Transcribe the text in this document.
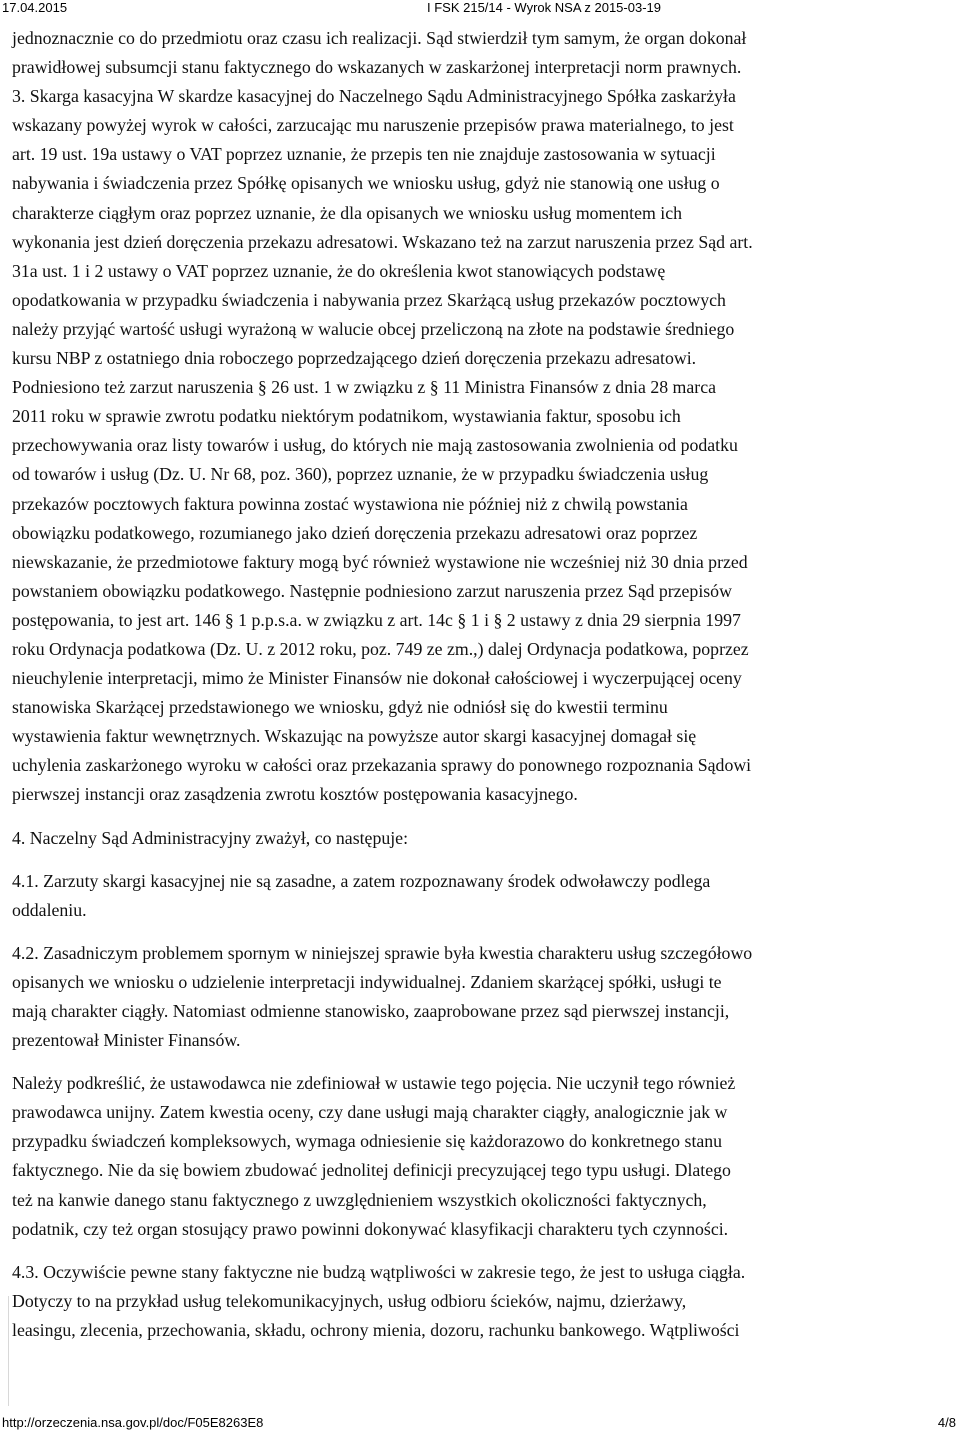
17.04.2015	I FSK 215/14 - Wyrok NSA z 2015-03-19

jednoznacznie co do przedmiotu oraz czasu ich realizacji. Sąd stwierdził tym samym, że organ dokonał
prawidłowej subsumcji stanu faktycznego do wskazanych w zaskarżonej interpretacji norm prawnych.
3. Skarga kasacyjna W skardze kasacyjnej do Naczelnego Sądu Administracyjnego Spółka zaskarżyła
wskazany powyżej wyrok w całości, zarzucając mu naruszenie przepisów prawa materialnego, to jest
art. 19 ust. 19a ustawy o VAT poprzez uznanie, że przepis ten nie znajduje zastosowania w sytuacji
nabywania i świadczenia przez Spółkę opisanych we wniosku usług, gdyż nie stanowią one usług o
charakterze ciągłym oraz poprzez uznanie, że dla opisanych we wniosku usług momentem ich
wykonania jest dzień doręczenia przekazu adresatowi. Wskazano też na zarzut naruszenia przez Sąd art.
31a ust. 1 i 2 ustawy o VAT poprzez uznanie, że do określenia kwot stanowiących podstawę
opodatkowania w przypadku świadczenia i nabywania przez Skarżącą usług przekazów pocztowych
należy przyjąć wartość usługi wyrażoną w walucie obcej przeliczoną na złote na podstawie średniego
kursu NBP z ostatniego dnia roboczego poprzedzającego dzień doręczenia przekazu adresatowi.
Podniesiono też zarzut naruszenia § 26 ust. 1 w związku z § 11 Ministra Finansów z dnia 28 marca
2011 roku w sprawie zwrotu podatku niektórym podatnikom, wystawiania faktur, sposobu ich
przechowywania oraz listy towarów i usług, do których nie mają zastosowania zwolnienia od podatku
od towarów i usług (Dz. U. Nr 68, poz. 360), poprzez uznanie, że w przypadku świadczenia usług
przekazów pocztowych faktura powinna zostać wystawiona nie później niż z chwilą powstania
obowiązku podatkowego, rozumianego jako dzień doręczenia przekazu adresatowi oraz poprzez
niewskazanie, że przedmiotowe faktury mogą być również wystawione nie wcześniej niż 30 dnia przed
powstaniem obowiązku podatkowego. Następnie podniesiono zarzut naruszenia przez Sąd przepisów
postępowania, to jest art. 146 § 1 p.p.s.a. w związku z art. 14c § 1 i § 2 ustawy z dnia 29 sierpnia 1997
roku Ordynacja podatkowa (Dz. U. z 2012 roku, poz. 749 ze zm.,) dalej Ordynacja podatkowa, poprzez
nieuchylenie interpretacji, mimo że Minister Finansów nie dokonał całościowej i wyczerpującej oceny
stanowiska Skarżącej przedstawionego we wniosku, gdyż nie odniósł się do kwestii terminu
wystawienia faktur wewnętrznych. Wskazując na powyższe autor skargi kasacyjnej domagał się
uchylenia zaskarżonego wyroku w całości oraz przekazania sprawy do ponownego rozpoznania Sądowi
pierwszej instancji oraz zasądzenia zwrotu kosztów postępowania kasacyjnego.

4. Naczelny Sąd Administracyjny zważył, co następuje:

4.1. Zarzuty skargi kasacyjnej nie są zasadne, a zatem rozpoznawany środek odwoławczy podlega
oddaleniu.

4.2. Zasadniczym problemem spornym w niniejszej sprawie była kwestia charakteru usług szczegółowo
opisanych we wniosku o udzielenie interpretacji indywidualnej. Zdaniem skarżącej spółki, usługi te
mają charakter ciągły. Natomiast odmienne stanowisko, zaaprobowane przez sąd pierwszej instancji,
prezentował Minister Finansów.

Należy podkreślić, że ustawodawca nie zdefiniował w ustawie tego pojęcia. Nie uczynił tego również
prawodawca unijny. Zatem kwestia oceny, czy dane usługi mają charakter ciągły, analogicznie jak w
przypadku świadczeń kompleksowych, wymaga odniesienie się każdorazowo do konkretnego stanu
faktycznego. Nie da się bowiem zbudować jednolitej definicji precyzującej tego typu usługi. Dlatego
też na kanwie danego stanu faktycznego z uwzględnieniem wszystkich okoliczności faktycznych,
podatnik, czy też organ stosujący prawo powinni dokonywać klasyfikacji charakteru tych czynności.

4.3. Oczywiście pewne stany faktyczne nie budzą wątpliwości w zakresie tego, że jest to usługa ciągła.
Dotyczy to na przykład usług telekomunikacyjnych, usług odbioru ścieków, najmu, dzierżawy,
leasingu, zlecenia, przechowania, składu, ochrony mienia, dozoru, rachunku bankowego. Wątpliwości

http://orzeczenia.nsa.gov.pl/doc/F05E8263E8	4/8
